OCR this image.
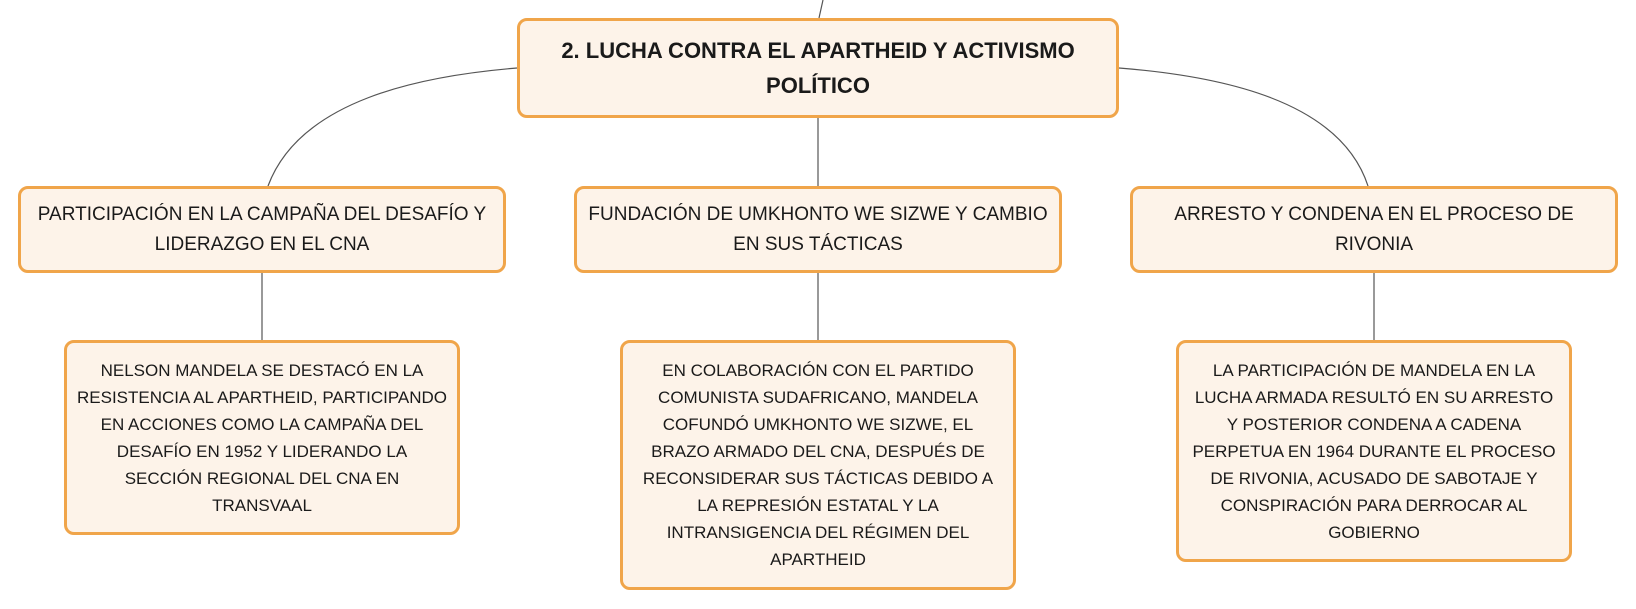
2. LUCHA CONTRA EL APARTHEID Y ACTIVISMO POLÍTICO
PARTICIPACIÓN EN LA CAMPAÑA DEL DESAFÍO Y LIDERAZGO EN EL CNA
FUNDACIÓN DE UMKHONTO WE SIZWE Y CAMBIO EN SUS TÁCTICAS
ARRESTO Y CONDENA EN EL PROCESO DE RIVONIA
NELSON MANDELA SE DESTACÓ EN LA RESISTENCIA AL APARTHEID, PARTICIPANDO EN ACCIONES COMO LA CAMPAÑA DEL DESAFÍO EN 1952 Y LIDERANDO LA SECCIÓN REGIONAL DEL CNA EN TRANSVAAL
EN COLABORACIÓN CON EL PARTIDO COMUNISTA SUDAFRICANO, MANDELA COFUNDÓ UMKHONTO WE SIZWE, EL BRAZO ARMADO DEL CNA, DESPUÉS DE RECONSIDERAR SUS TÁCTICAS DEBIDO A LA REPRESIÓN ESTATAL Y LA INTRANSIGENCIA DEL RÉGIMEN DEL APARTHEID
LA PARTICIPACIÓN DE MANDELA EN LA LUCHA ARMADA RESULTÓ EN SU ARRESTO Y POSTERIOR CONDENA A CADENA PERPETUA EN 1964 DURANTE EL PROCESO DE RIVONIA, ACUSADO DE SABOTAJE Y CONSPIRACIÓN PARA DERROCAR AL GOBIERNO
